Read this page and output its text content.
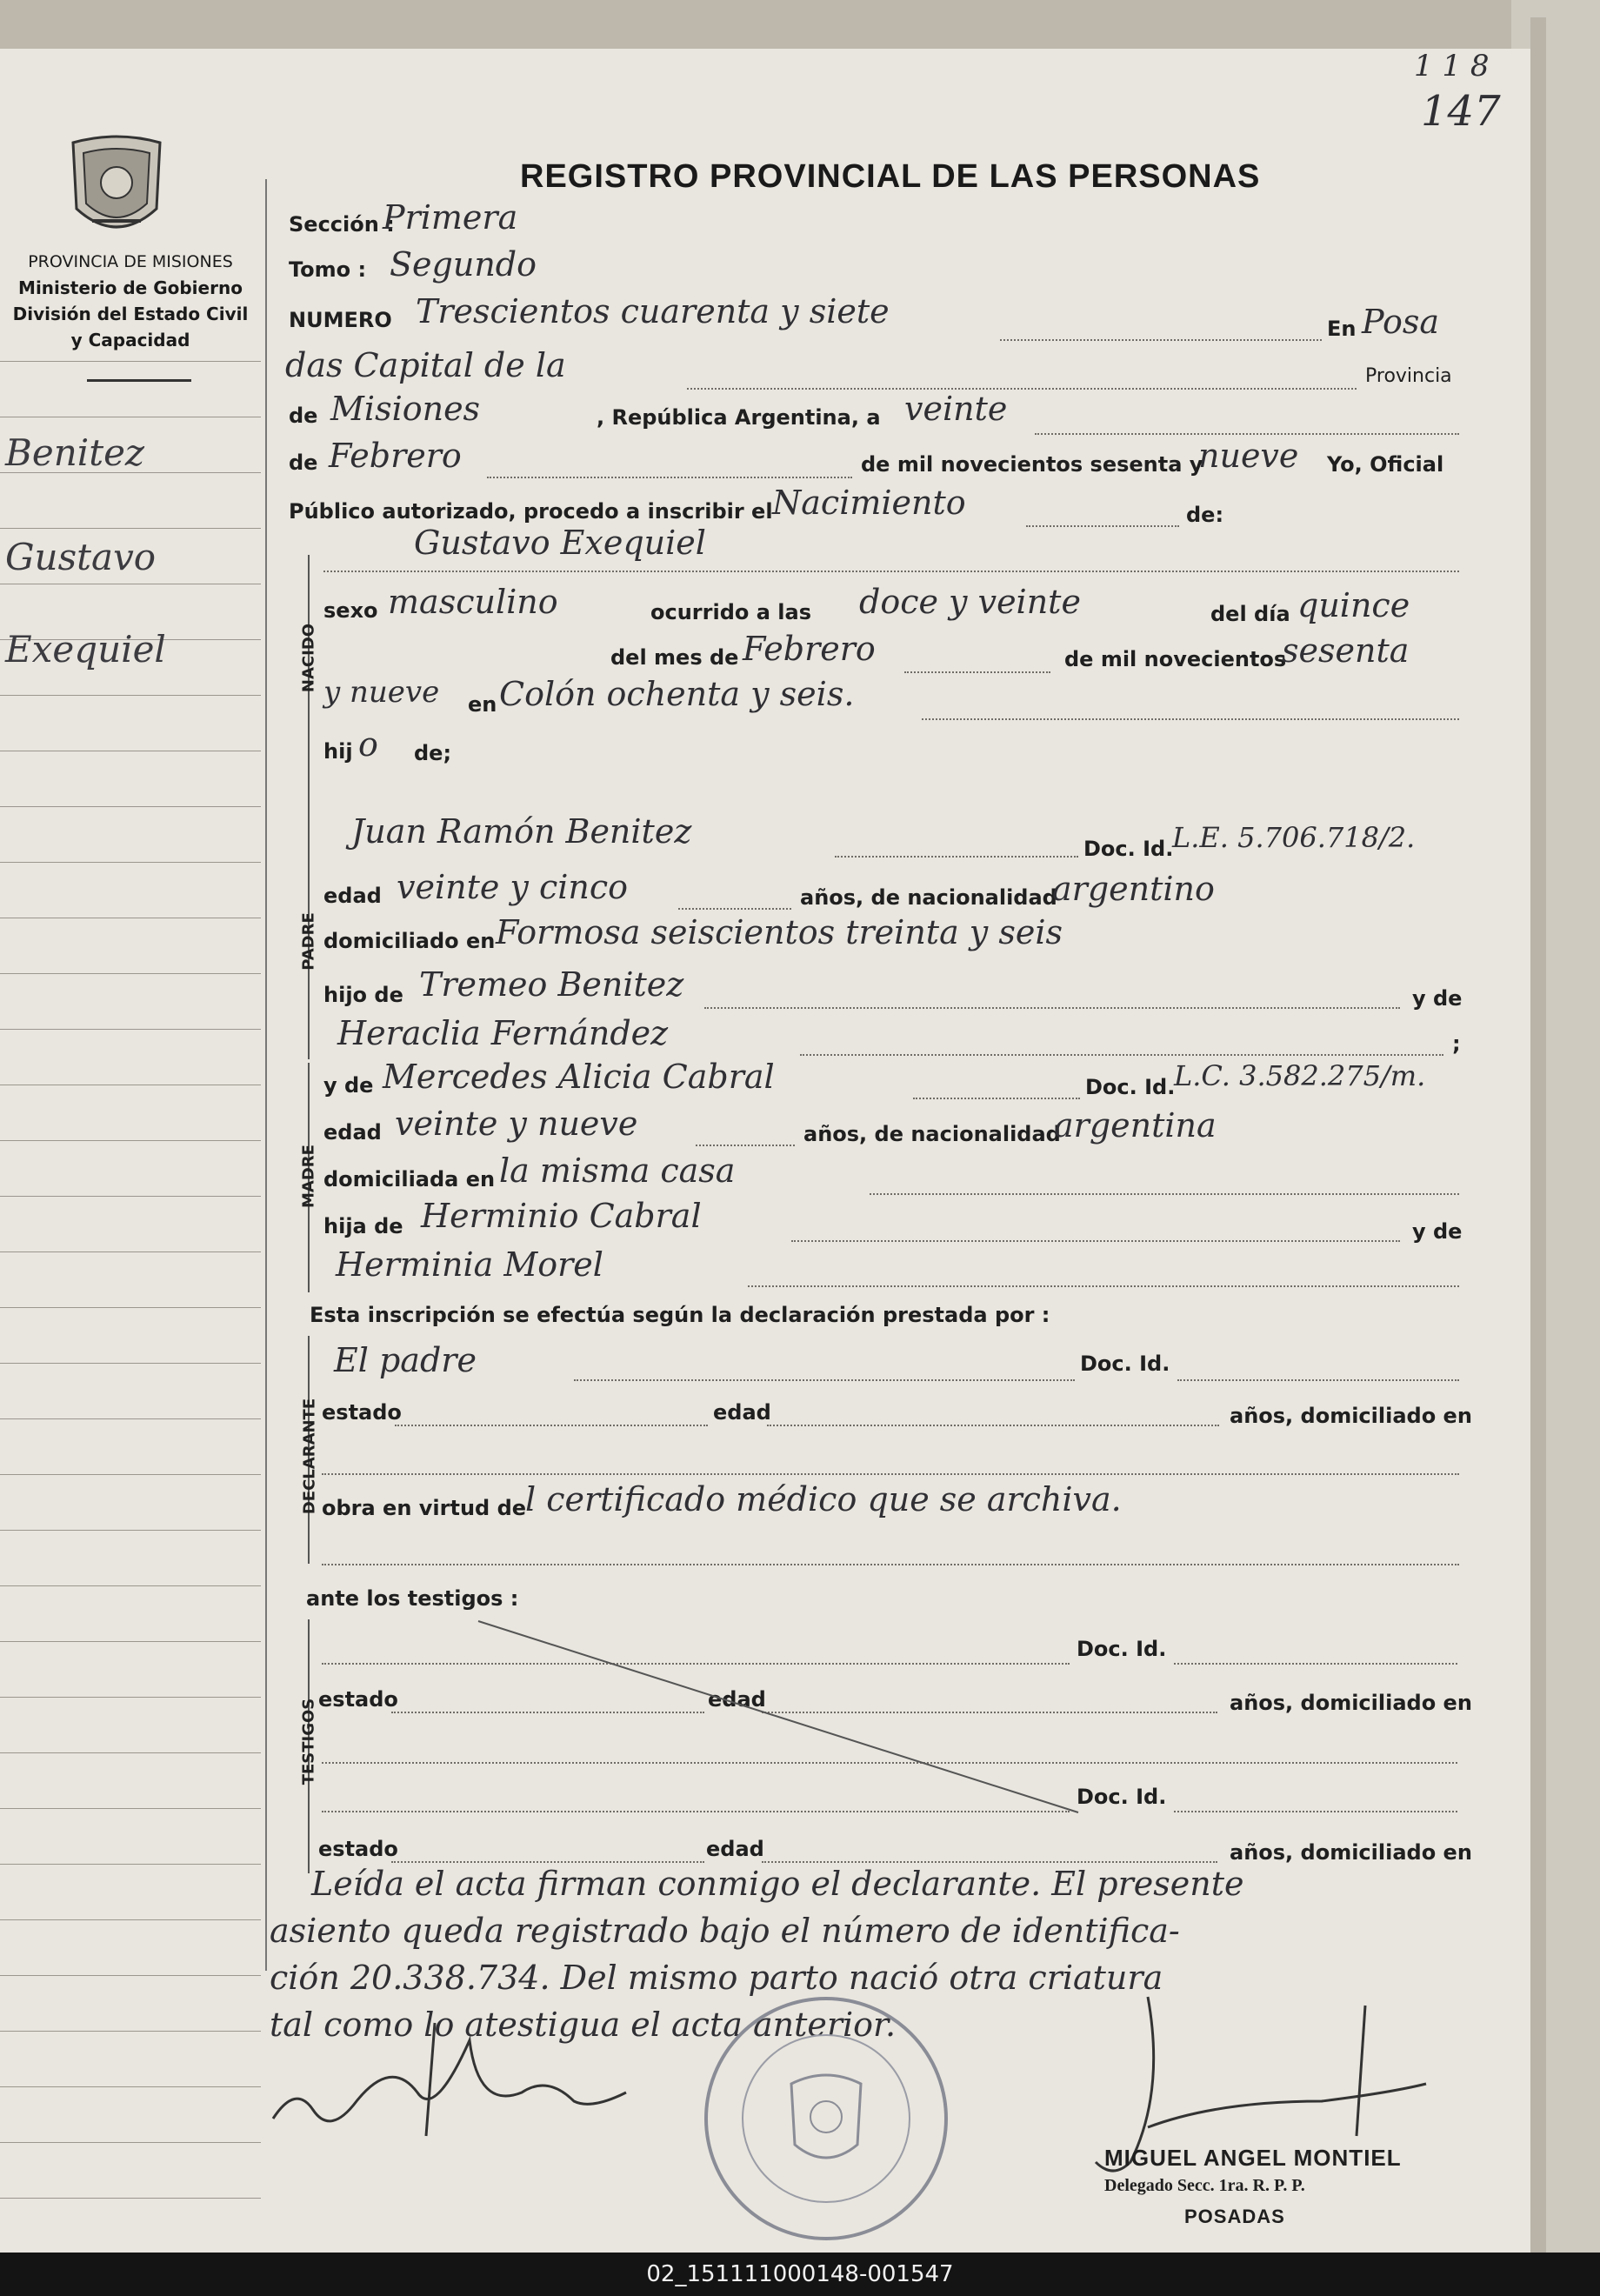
PROVINCIA DE MISIONES
Ministerio de Gobierno
División del Estado Civil
y Capacidad
REGISTRO PROVINCIAL DE LAS PERSONAS
1 1 8
147
Benitez
Gustavo
Exequiel
Sección :
Primera
Tomo : Segundo
NUMERO Trescientos cuarenta y siete	En Posa
das Capital de la	Provincia
de Misiones	, República Argentina, a veinte
de Febrero	de mil novecientos sesenta y
nueve Yo, Oficial
Público autorizado, procedo a inscribir el Nacimiento	de:
NACIDO
Gustavo Exequiel
sexo masculino	ocurrido a las doce y veinte	del día quince
del mes de Febrero	de mil novecientos
sesenta
y nueve en Colón ochenta y seis.
hij o de;
PADRE
Juan Ramón Benitez	Doc. Id.
L.E. 5.706.718/2.
edad veinte y cinco	años, de nacionalidad
argentino
domiciliado en Formosa seiscientos treinta y seis
hijo de Tremeo Benitez	y de
Heraclia Fernández	;
MADRE
y de Mercedes Alicia Cabral	Doc. Id.
L.C. 3.582.275/m.
edad veinte y nueve	años, de nacionalidad
argentina
domiciliada en la misma casa
hija de Herminio Cabral	y de
Herminia Morel
Esta inscripción se efectúa según la declaración prestada por :
DECLARANTE
El padre	Doc. Id.
estado	edad	años, domiciliado en
obra en virtud de
l certificado médico que se archiva.
ante los testigos :
TESTIGOS
Doc. Id.
estado	edad	años, domiciliado en
Doc. Id.
estado	edad	años, domiciliado en
Leída el acta firman conmigo el declarante. El presente
asiento queda registrado bajo el número de identifica-
ción 20.338.734. Del mismo parto nació otra criatura
tal como lo atestigua el acta anterior.
MIGUEL ANGEL MONTIEL
Delegado Secc. 1ra. R. P. P.
POSADAS
02_151111000148-001547
